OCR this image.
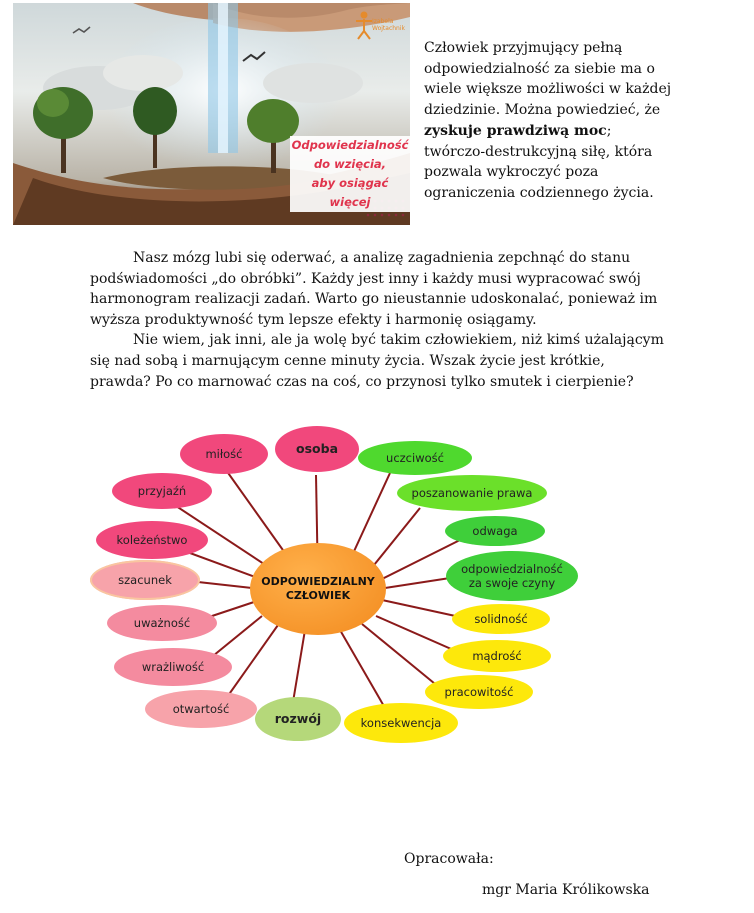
Izabela
Wojtachnik
Odpowiedzialność
do wzięcia,
aby osiągać więcej
Człowiek przyjmujący pełną odpowiedzialność za siebie ma o wiele większe możliwości w każdej dziedzinie. Można powiedzieć, że zyskuje prawdziwą moc; twórczo-destrukcyjną siłę, która pozwala wykroczyć poza ograniczenia codziennego życia.

Nasz mózg lubi się oderwać, a analizę zagadnienia zepchnąć do stanu podświadomości „do obróbki”. Każdy jest inny i każdy musi wypracować swój harmonogram realizacji zadań. Warto go nieustannie udoskonalać, ponieważ im wyższa produktywność tym lepsze efekty i harmonię osiągamy.

Nie wiem, jak inni, ale ja wolę być takim człowiekiem, niż kimś użalającym się nad sobą i marnującym cenne minuty życia. Wszak życie jest krótkie, prawda? Po co marnować czas na coś, co przynosi tylko smutek i cierpienie?

ODPOWIEDZIALNY
CZŁOWIEK
osoba
miłość	uczciwość
przyjaźń	poszanowanie prawa
koleżeństwo
odwaga
szacunek
odpowiedzialność
za swoje czyny
uważność	solidność
wrażliwość
mądrość
otwartość
pracowitość
rozwój	konsekwencja
Opracowała:
mgr Maria Królikowska
